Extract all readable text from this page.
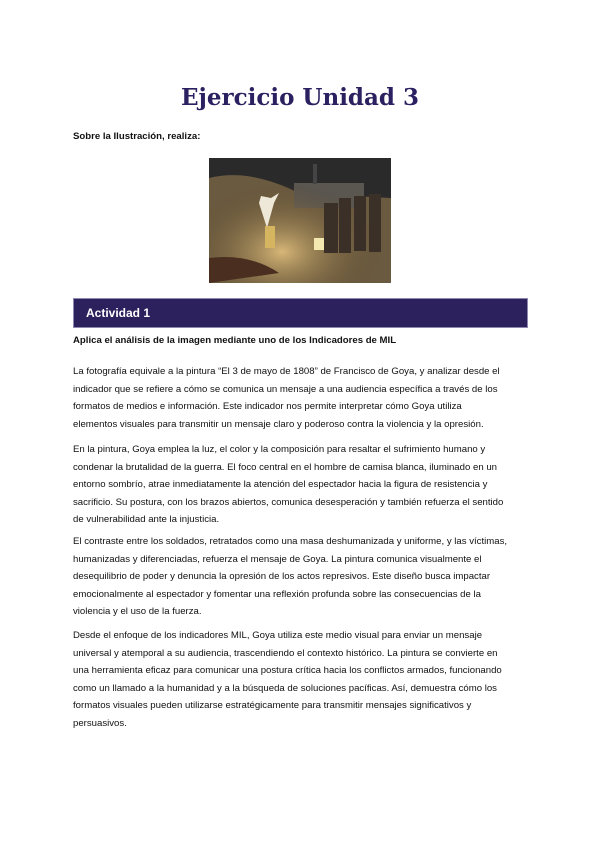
Ejercicio Unidad 3
Sobre la Ilustración, realiza:
Actividad 1
Aplica el análisis de la imagen mediante uno de los Indicadores de MIL
La fotografía equivale a la pintura “El 3 de mayo de 1808” de Francisco de Goya, y analizar desde el
indicador que se refiere a cómo se comunica un mensaje a una audiencia específica a través de los
formatos de medios e información. Este indicador nos permite interpretar cómo Goya utiliza
elementos visuales para transmitir un mensaje claro y poderoso contra la violencia y la opresión.
En la pintura, Goya emplea la luz, el color y la composición para resaltar el sufrimiento humano y
condenar la brutalidad de la guerra. El foco central en el hombre de camisa blanca, iluminado en un
entorno sombrío, atrae inmediatamente la atención del espectador hacia la figura de resistencia y
sacrificio. Su postura, con los brazos abiertos, comunica desesperación y también refuerza el sentido
de vulnerabilidad ante la injusticia.
El contraste entre los soldados, retratados como una masa deshumanizada y uniforme, y las víctimas,
humanizadas y diferenciadas, refuerza el mensaje de Goya. La pintura comunica visualmente el
desequilibrio de poder y denuncia la opresión de los actos represivos. Este diseño busca impactar
emocionalmente al espectador y fomentar una reflexión profunda sobre las consecuencias de la
violencia y el uso de la fuerza.
Desde el enfoque de los indicadores MIL, Goya utiliza este medio visual para enviar un mensaje
universal y atemporal a su audiencia, trascendiendo el contexto histórico. La pintura se convierte en
una herramienta eficaz para comunicar una postura crítica hacia los conflictos armados, funcionando
como un llamado a la humanidad y a la búsqueda de soluciones pacíficas. Así, demuestra cómo los
formatos visuales pueden utilizarse estratégicamente para transmitir mensajes significativos y
persuasivos.
